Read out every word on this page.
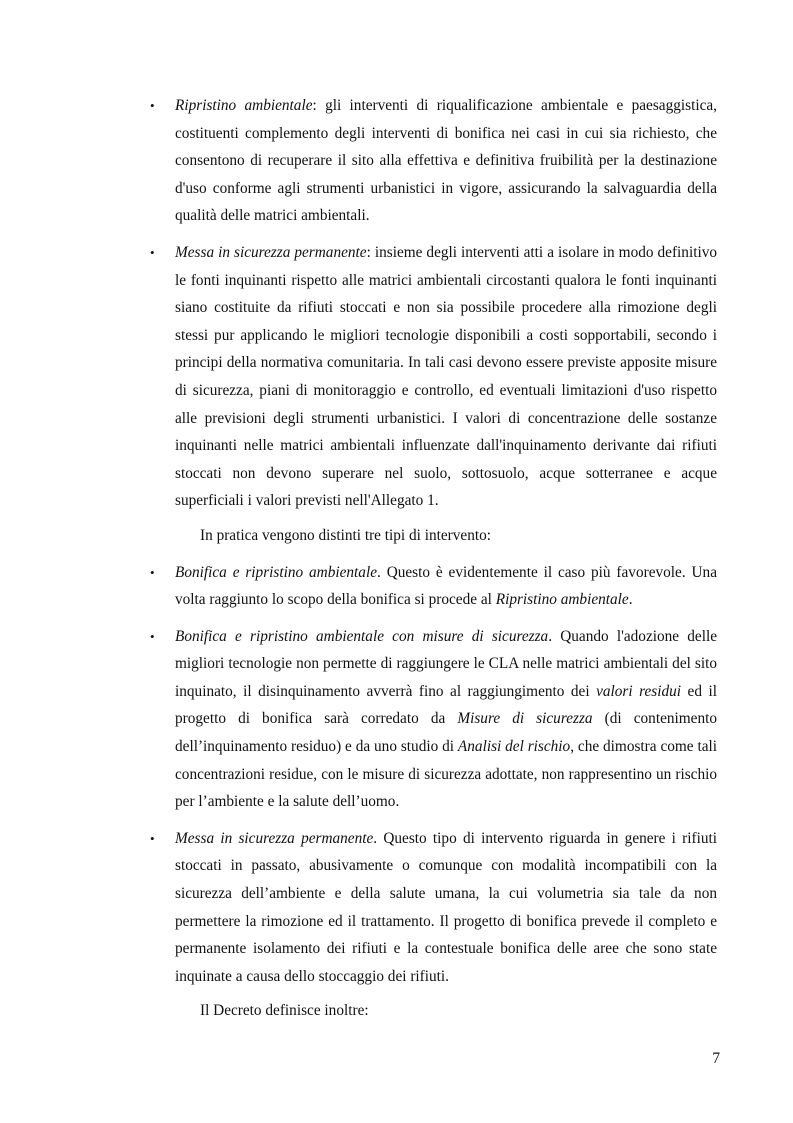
•	Ripristino ambientale: gli interventi di riqualificazione ambientale e paesaggistica, costituenti complemento degli interventi di bonifica nei casi in cui sia richiesto, che consentono di recuperare il sito alla effettiva e definitiva fruibilità per la destinazione d'uso conforme agli strumenti urbanistici in vigore, assicurando la salvaguardia della qualità delle matrici ambientali.
•	Messa in sicurezza permanente: insieme degli interventi atti a isolare in modo definitivo le fonti inquinanti rispetto alle matrici ambientali circostanti qualora le fonti inquinanti siano costituite da rifiuti stoccati e non sia possibile procedere alla rimozione degli stessi pur applicando le migliori tecnologie disponibili a costi sopportabili, secondo i principi della normativa comunitaria. In tali casi devono essere previste apposite misure di sicurezza, piani di monitoraggio e controllo, ed eventuali limitazioni d'uso rispetto alle previsioni degli strumenti urbanistici. I valori di concentrazione delle sostanze inquinanti nelle matrici ambientali influenzate dall'inquinamento derivante dai rifiuti stoccati non devono superare nel suolo, sottosuolo, acque sotterranee e acque superficiali i valori previsti nell'Allegato 1.
In pratica vengono distinti tre tipi di intervento:
•	Bonifica e ripristino ambientale. Questo è evidentemente il caso più favorevole. Una volta raggiunto lo scopo della bonifica si procede al Ripristino ambientale.
•	Bonifica e ripristino ambientale con misure di sicurezza. Quando l'adozione delle migliori tecnologie non permette di raggiungere le CLA nelle matrici ambientali del sito inquinato, il disinquinamento avverrà fino al raggiungimento dei valori residui ed il progetto di bonifica sarà corredato da Misure di sicurezza (di contenimento dell’inquinamento residuo) e da uno studio di Analisi del rischio, che dimostra come tali concentrazioni residue, con le misure di sicurezza adottate, non rappresentino un rischio per l’ambiente e la salute dell’uomo.
•	Messa in sicurezza permanente. Questo tipo di intervento riguarda in genere i rifiuti stoccati in passato, abusivamente o comunque con modalità incompatibili con la sicurezza dell’ambiente e della salute umana, la cui volumetria sia tale da non permettere la rimozione ed il trattamento. Il progetto di bonifica prevede il completo e permanente isolamento dei rifiuti e la contestuale bonifica delle aree che sono state inquinate a causa dello stoccaggio dei rifiuti.
Il Decreto definisce inoltre:
7
